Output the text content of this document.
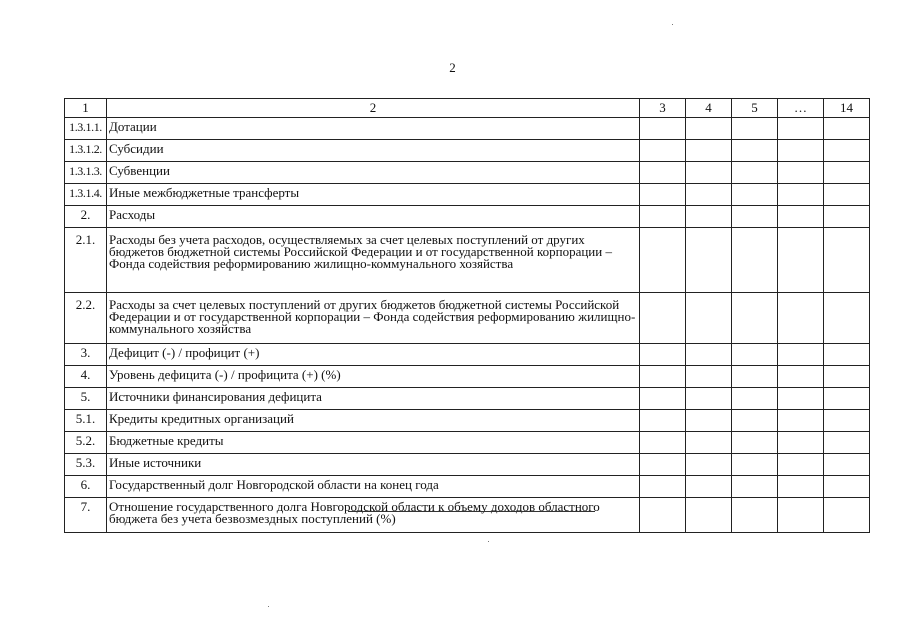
2
1	2	3	4	5	…	14
1.3.1.1.	Дотации					
1.3.1.2.	Субсидии					
1.3.1.3.	Субвенции					
1.3.1.4.	Иные межбюджетные трансферты					
2.	Расходы					
2.1.	Расходы без учета расходов, осуществляемых за счет целевых поступлений от других бюджетов бюджетной системы Российской Федерации и от государственной корпорации – Фонда содействия реформированию жилищно-коммунального хозяйства					
2.2.	Расходы за счет целевых поступлений от других бюджетов бюджетной системы Российской Федерации и от государственной корпорации – Фонда содействия реформированию жилищно-коммунального хозяйства					
3.	Дефицит (-) / профицит (+)					
4.	Уровень дефицита (-) / профицита (+) (%)					
5.	Источники финансирования дефицита					
5.1.	Кредиты кредитных организаций					
5.2.	Бюджетные кредиты					
5.3.	Иные источники					
6.	Государственный долг Новгородской области на конец года					
7.	Отношение государственного долга Новгородской области к объему доходов областного бюджета без учета безвозмездных поступлений (%)					
